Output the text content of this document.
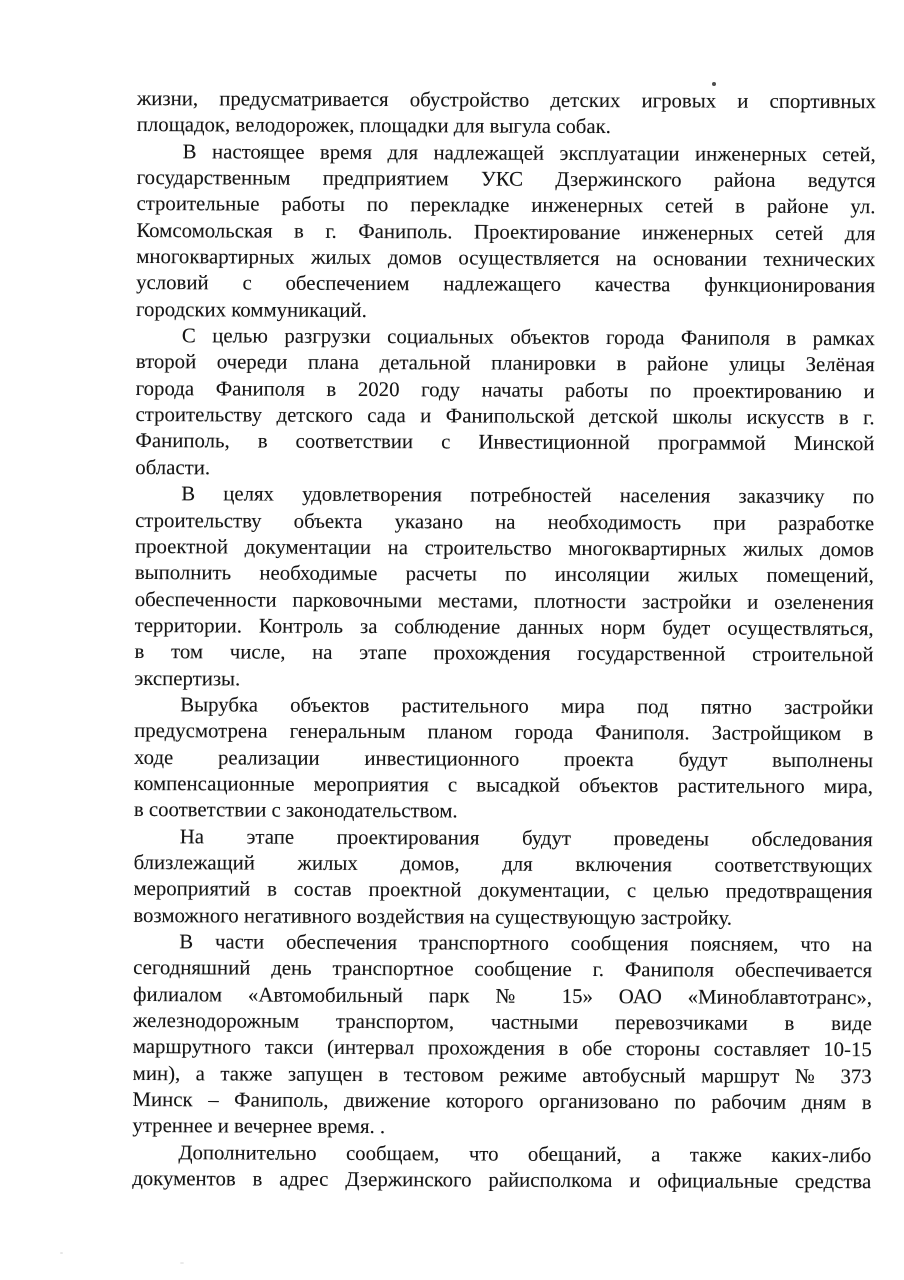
жизни, предусматривается обустройство детских игровых и спортивных
площадок, велодорожек, площадки для выгула собак.
В настоящее время для надлежащей эксплуатации инженерных сетей,
государственным предприятием УКС Дзержинского района ведутся
строительные работы по перекладке инженерных сетей в районе ул.
Комсомольская в г. Фаниполь. Проектирование инженерных сетей для
многоквартирных жилых домов осуществляется на основании технических
условий с обеспечением надлежащего качества функционирования
городских коммуникаций.
С целью разгрузки социальных объектов города Фаниполя в рамках
второй очереди плана детальной планировки в районе улицы Зелёная
города Фаниполя в 2020 году начаты работы по проектированию и
строительству детского сада и Фанипольской детской школы искусств в г.
Фаниполь, в соответствии с Инвестиционной программой Минской
области.
В целях удовлетворения потребностей населения заказчику по
строительству объекта указано на необходимость при разработке
проектной документации на строительство многоквартирных жилых домов
выполнить необходимые расчеты по инсоляции жилых помещений,
обеспеченности парковочными местами, плотности застройки и озеленения
территории. Контроль за соблюдение данных норм будет осуществляться,
в том числе, на этапе прохождения государственной строительной
экспертизы.
Вырубка объектов растительного мира под пятно застройки
предусмотрена генеральным планом города Фаниполя. Застройщиком в
ходе реализации инвестиционного проекта будут выполнены
компенсационные мероприятия с высадкой объектов растительного мира,
в соответствии с законодательством.
На этапе проектирования будут проведены обследования
близлежащий жилых домов, для включения соответствующих
мероприятий в состав проектной документации, с целью предотвращения
возможного негативного воздействия на существующую застройку.
В части обеспечения транспортного сообщения поясняем, что на
сегодняшний день транспортное сообщение г. Фаниполя обеспечивается
филиалом «Автомобильный парк № 15» ОАО «Миноблавтотранс»,
железнодорожным транспортом, частными перевозчиками в виде
маршрутного такси (интервал прохождения в обе стороны составляет 10-15
мин), а также запущен в тестовом режиме автобусный маршрут № 373
Минск – Фаниполь, движение которого организовано по рабочим дням в
утреннее и вечернее время. .
Дополнительно сообщаем, что обещаний, а также каких-либо
документов в адрес Дзержинского райисполкома и официальные средства
